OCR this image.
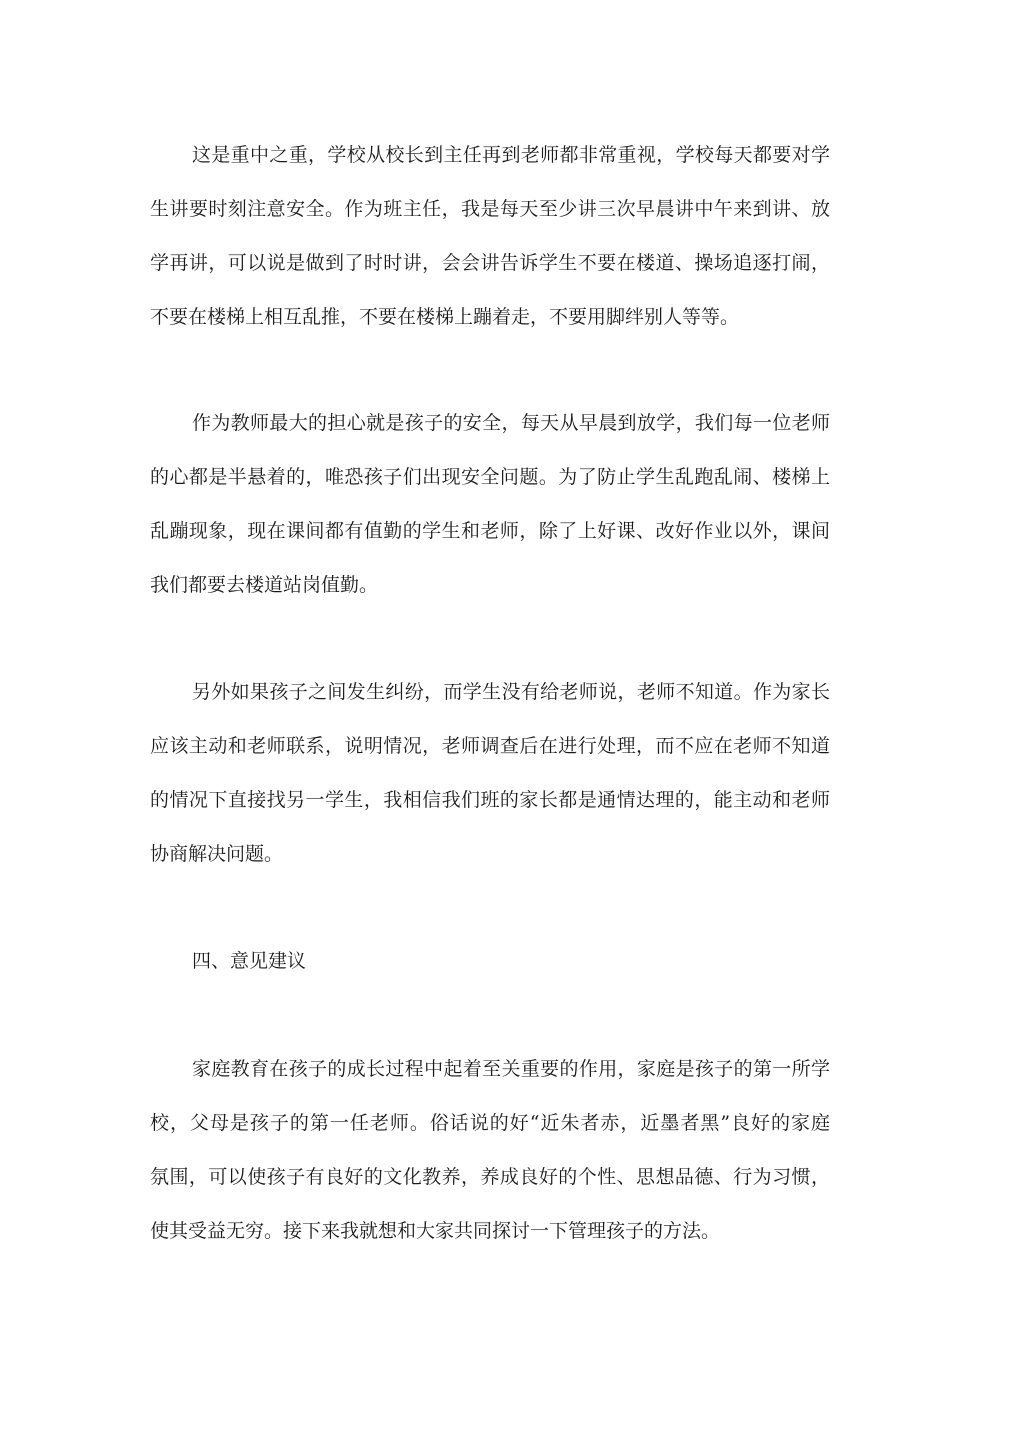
这是重中之重，学校从校长到主任再到老师都非常重视，学校每天都要对学

生讲要时刻注意安全。作为班主任，我是每天至少讲三次早晨讲中午来到讲、放

学再讲，可以说是做到了时时讲，会会讲告诉学生不要在楼道、操场追逐打闹，

不要在楼梯上相互乱推，不要在楼梯上蹦着走，不要用脚绊别人等等。

作为教师最大的担心就是孩子的安全，每天从早晨到放学，我们每一位老师

的心都是半悬着的，唯恐孩子们出现安全问题。为了防止学生乱跑乱闹、楼梯上

乱蹦现象，现在课间都有值勤的学生和老师，除了上好课、改好作业以外，课间

我们都要去楼道站岗值勤。

另外如果孩子之间发生纠纷，而学生没有给老师说，老师不知道。作为家长

应该主动和老师联系，说明情况，老师调查后在进行处理，而不应在老师不知道

的情况下直接找另一学生，我相信我们班的家长都是通情达理的，能主动和老师

协商解决问题。

四、意见建议

家庭教育在孩子的成长过程中起着至关重要的作用，家庭是孩子的第一所学

校，父母是孩子的第一任老师。俗话说的好“近朱者赤，近墨者黑”良好的家庭

氛围，可以使孩子有良好的文化教养，养成良好的个性、思想品德、行为习惯，

使其受益无穷。接下来我就想和大家共同探讨一下管理孩子的方法。
